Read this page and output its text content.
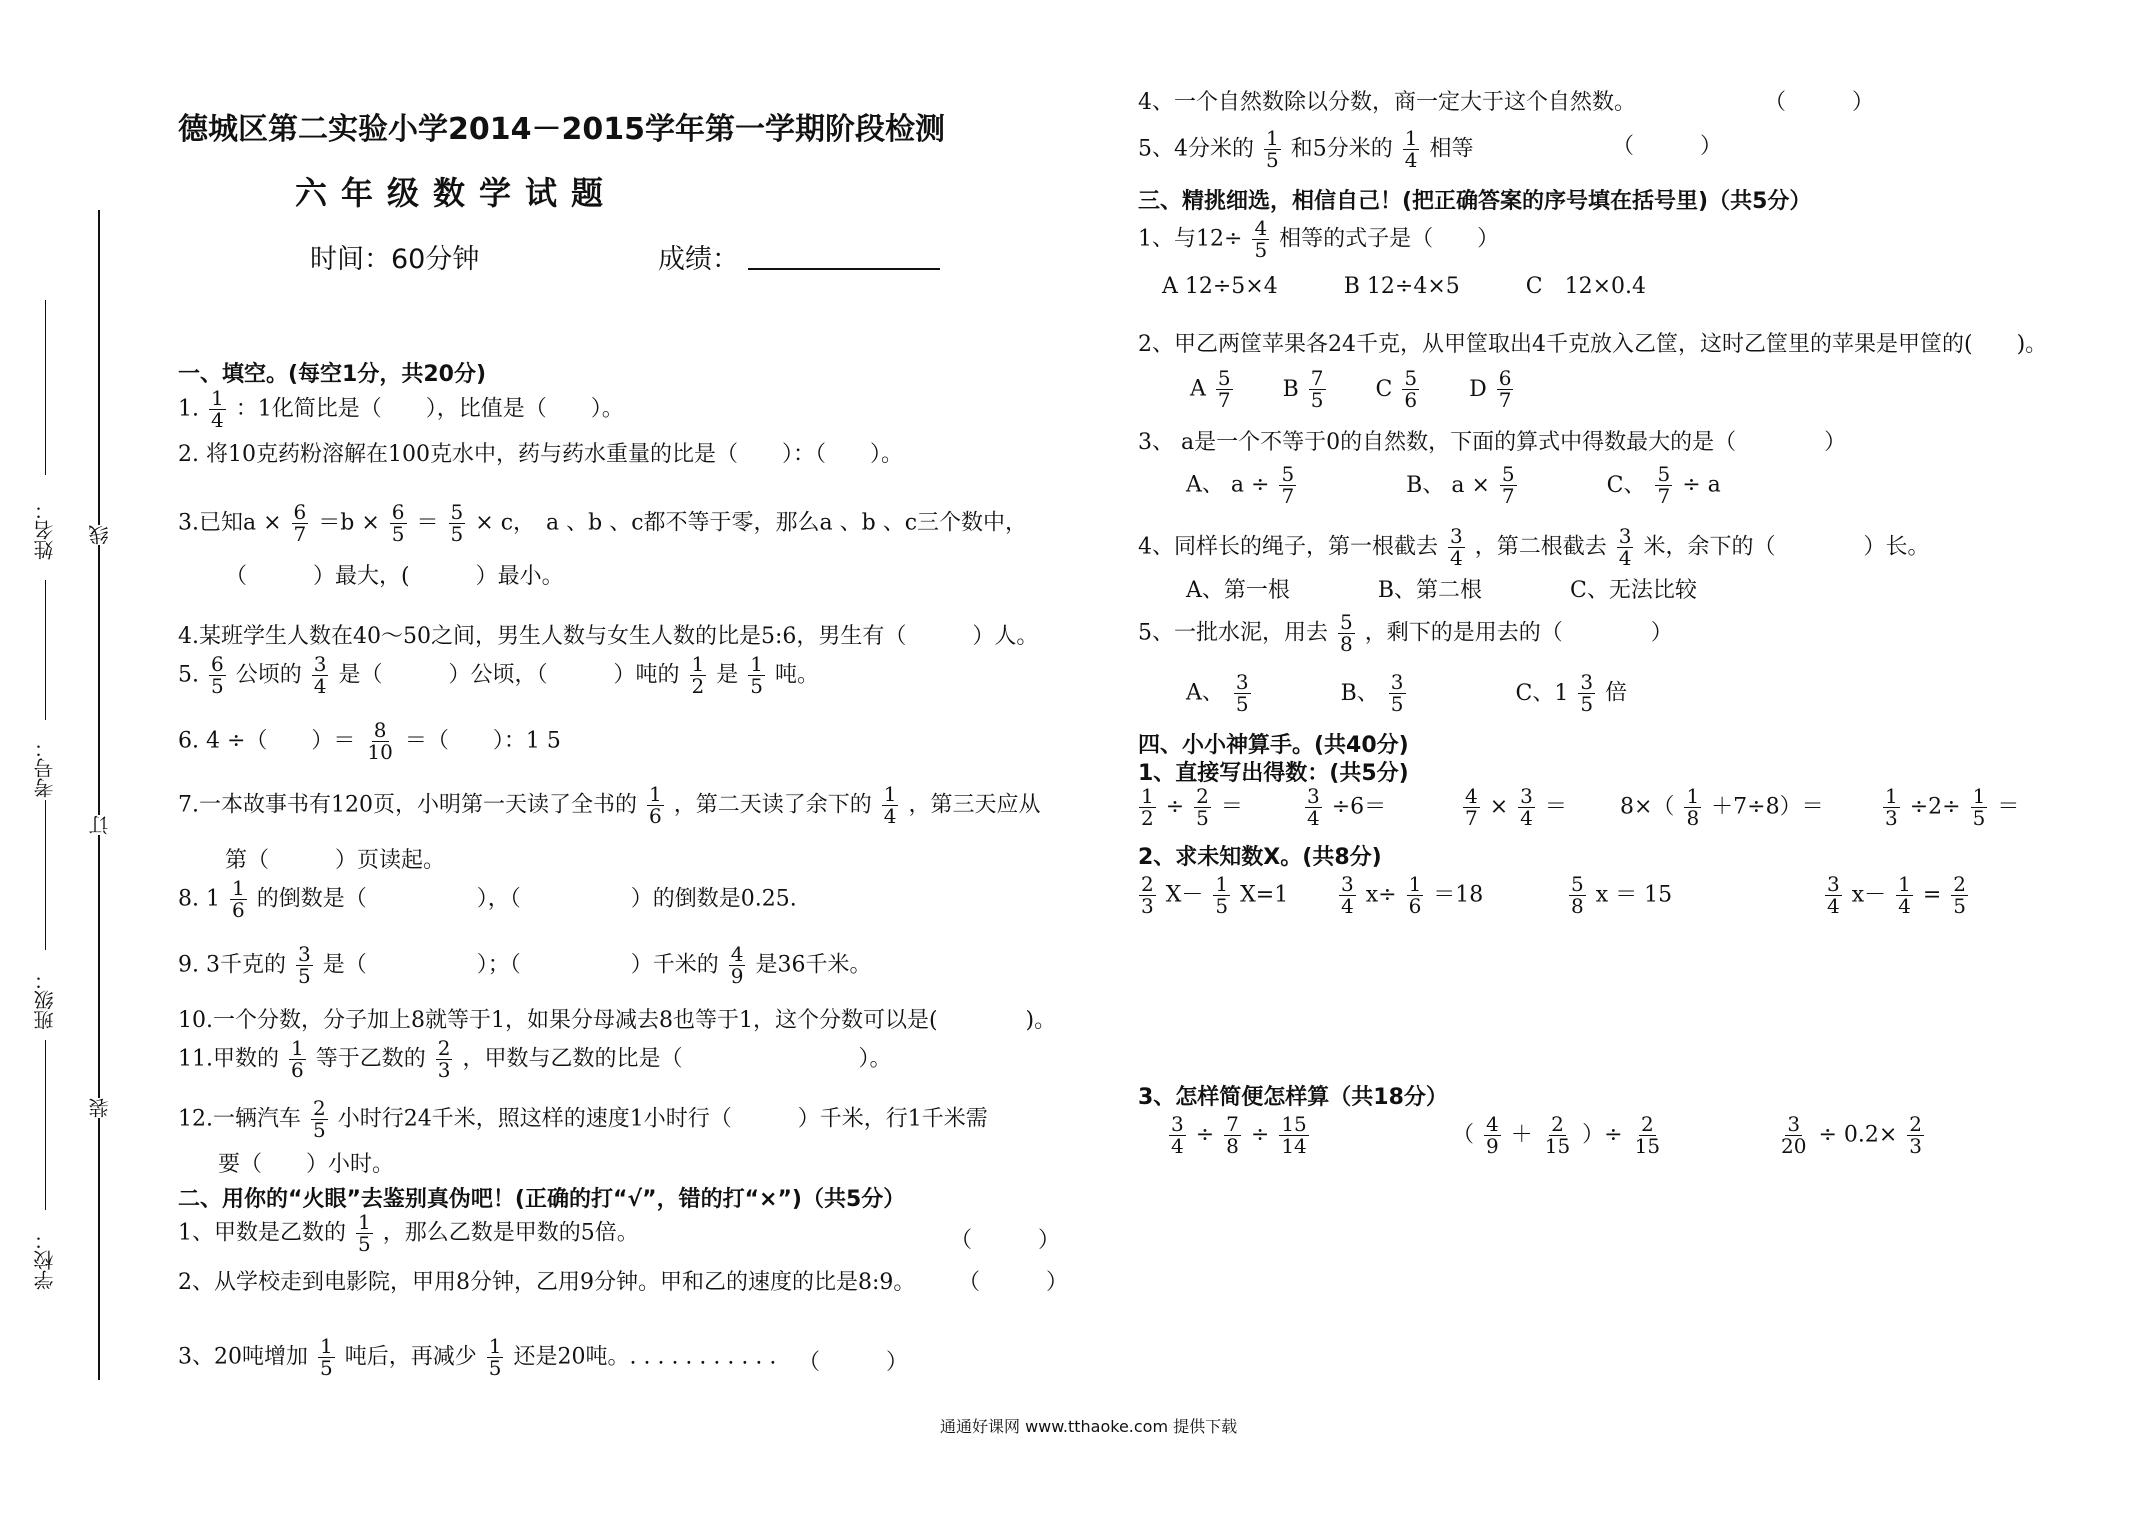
德城区第二实验小学2014－2015学年第一学期阶段检测
六年级数学试题
时间：60分钟	成绩：
姓名：
考号：
班级：
学校：
线
订
装
一、填空。(每空1分，共20分)
1. $\frac{1}{4}$ ：1化简比是（　　），比值是（　　）。
2. 将10克药粉溶解在100克水中，药与药水重量的比是（　　）：（　　）。
3.已知$a \times \frac{6}{7} =b \times \frac{6}{5} = \frac{5}{5} \times c$，　a 、b 、c都不等于零，那么a 、b 、c三个数中，
（　　　）最大，(　　　）最小。
4.某班学生人数在40～50之间，男生人数与女生人数的比是5:6，男生有（　　　）人。
5. $\frac{6}{5}$ 公顷的 $\frac{3}{4}$ 是（　　　）公顷，（　　　）吨的 $\frac{1}{2}$ 是 $\frac{1}{5}$ 吨。
6. 4 ÷（　　）＝ $\frac{8}{10}$ ＝（　　）：1 5
7.一本故事书有120页，小明第一天读了全书的 $\frac{1}{6}$ ，第二天读了余下的 $\frac{1}{4}$ ，第三天应从
第（　　　）页读起。
8. $1 \frac{1}{6}$ 的倒数是（　　　　　），（　　　　　）的倒数是0.25.
9. 3千克的 $\frac{3}{5}$ 是（　　　　　）；（　　　　　）千米的 $\frac{4}{9}$ 是36千米。
10.一个分数，分子加上8就等于1，如果分母减去8也等于1，这个分数可以是(　　　　)。
11.甲数的 $\frac{1}{6}$ 等于乙数的 $\frac{2}{3}$ ，甲数与乙数的比是（　　　　　　　　）。
12.一辆汽车 $\frac{2}{5}$ 小时行24千米，照这样的速度1小时行（　　　）千米，行1千米需
要（　　）小时。
二、用你的“火眼”去鉴别真伪吧！(正确的打“√”，错的打“×”)（共5分）
1、甲数是乙数的 $\frac{1}{5}$ ，那么乙数是甲数的5倍。	（　　　）
2、从学校走到电影院，甲用8分钟，乙用9分钟。甲和乙的速度的比是8:9。 （　　　）
3、20吨增加 $\frac{1}{5}$ 吨后，再减少 $\frac{1}{5}$ 还是20吨。. . . . . . . . . . . （　　　）
4、一个自然数除以分数，商一定大于这个自然数。	（　　　）
5、4分米的 $\frac{1}{5}$ 和5分米的 $\frac{1}{4}$ 相等	（　　　）
三、精挑细选，相信自己！(把正确答案的序号填在括号里)（共5分）
1、与$12\div \frac{4}{5}$ 相等的式子是（　　）
A 12÷5×4　　　B 12÷4×5　　　C　12×0.4
2、甲乙两筐苹果各24千克，从甲筐取出4千克放入乙筐，这时乙筐里的苹果是甲筐的(　　)。
A $\frac{5}{7}$ B $\frac{7}{5}$ C $\frac{5}{6}$ D $\frac{6}{7}$
3、 a是一个不等于0的自然数，下面的算式中得数最大的是（　　　　）
A、 $a \div \frac{5}{7}$	B、 $a \times \frac{5}{7}$	C、 $\frac{5}{7} \div a$
4、同样长的绳子，第一根截去 $\frac{3}{4}$ ，第二根截去 $\frac{3}{4}$ 米，余下的（　　　　）长。
A、第一根　　　　B、第二根　　　　C、无法比较
5、一批水泥，用去 $\frac{5}{8}$ ，剩下的是用去的（　　　　）
A、 $\frac{3}{5}$	B、 $\frac{3}{5}$	C、$1 \frac{3}{5}$ 倍
四、小小神算手。(共40分)
1、直接写出得数：(共5分)
$\frac{1}{2} \div \frac{2}{5}$ ＝	$\frac{3}{4} \div 6=$	$\frac{4}{7} \times \frac{3}{4} = 8\times( \frac{1}{8} +7\div 8)=$	$\frac{1}{3} \div 2\div \frac{1}{5}$ ＝
2、求未知数X。(共8分)
$\frac{2}{3} X- \frac{1}{5} X=1$	$\frac{3}{4} x\div \frac{1}{6} =18$	$\frac{5}{8}$ x ＝ 15	$\frac{3}{4} x- \frac{1}{4} = \frac{2}{5}$
3、怎样简便怎样算（共18分）
$\frac{3}{4} \div \frac{7}{8} \div \frac{15}{14}$	（ $\frac{4}{9} + \frac{2}{15}$ ）÷ $\frac{2}{15}$	$\frac{3}{20} \div 0.2\times \frac{2}{3}$
通通好课网 www.tthaoke.com 提供下载
